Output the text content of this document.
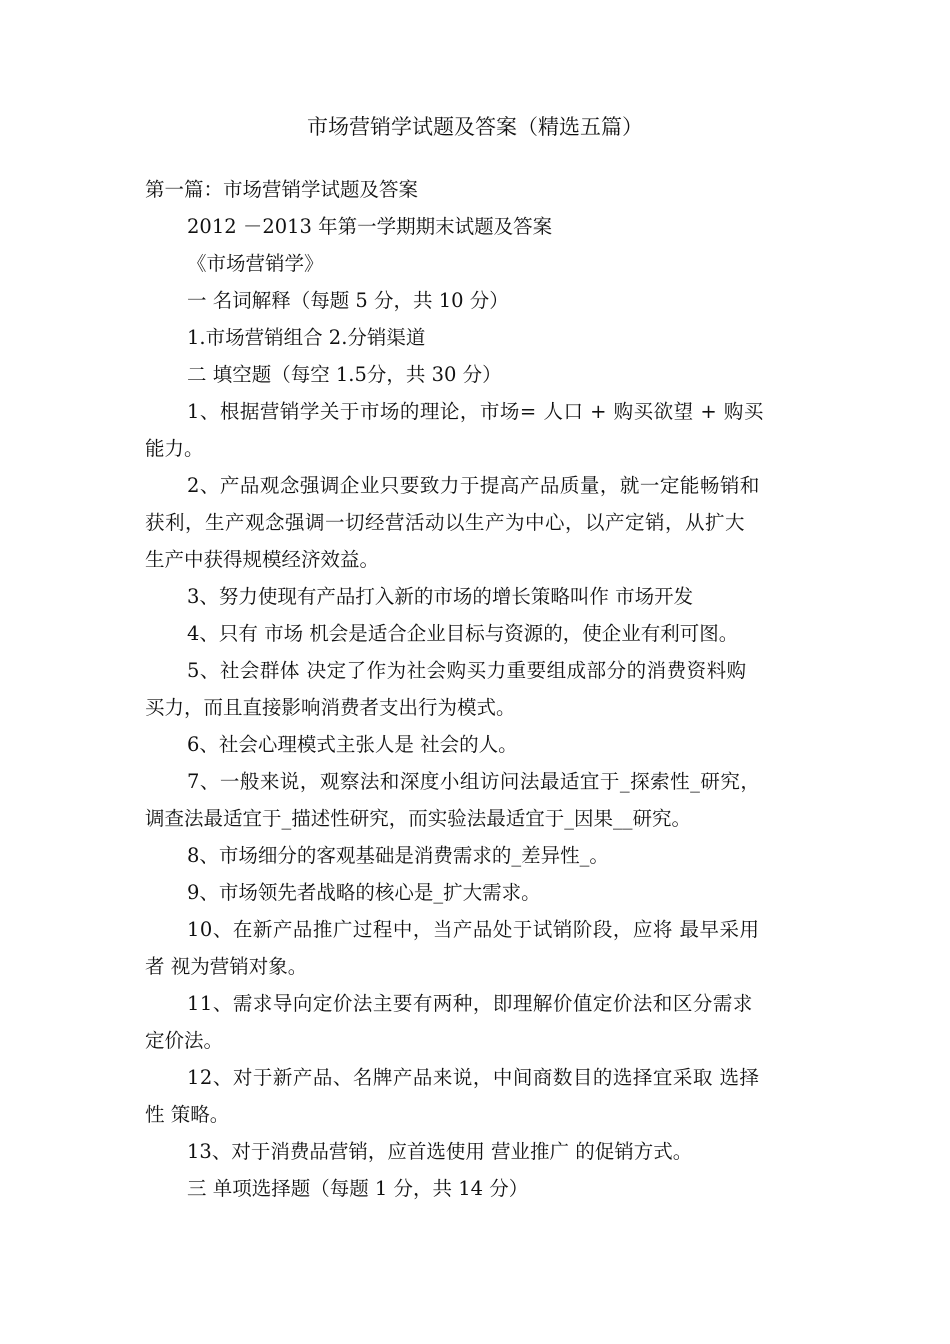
市场营销学试题及答案（精选五篇）
第一篇：市场营销学试题及答案
2012 －2013 年第一学期期末试题及答案
《市场营销学》
一 名词解释（每题 5 分，共 10 分）
1.市场营销组合 2.分销渠道
二 填空题（每空 1.5分，共 30 分）
1、根据营销学关于市场的理论，市场= 人口 + 购买欲望 + 购买
能力。
2、产品观念强调企业只要致力于提高产品质量，就一定能畅销和
获利，生产观念强调一切经营活动以生产为中心，以产定销，从扩大
生产中获得规模经济效益。
3、努力使现有产品打入新的市场的增长策略叫作 市场开发
4、只有 市场 机会是适合企业目标与资源的，使企业有利可图。
5、社会群体 决定了作为社会购买力重要组成部分的消费资料购
买力，而且直接影响消费者支出行为模式。
6、社会心理模式主张人是 社会的人。
7、一般来说，观察法和深度小组访问法最适宜于_探索性_研究，
调查法最适宜于_描述性研究，而实验法最适宜于_因果__研究。
8、市场细分的客观基础是消费需求的_差异性_。
9、市场领先者战略的核心是_扩大需求。
10、在新产品推广过程中，当产品处于试销阶段，应将 最早采用
者 视为营销对象。
11、需求导向定价法主要有两种，即理解价值定价法和区分需求
定价法。
12、对于新产品、名牌产品来说，中间商数目的选择宜采取 选择
性 策略。
13、对于消费品营销，应首选使用 营业推广 的促销方式。
三 单项选择题（每题 1 分，共 14 分）
